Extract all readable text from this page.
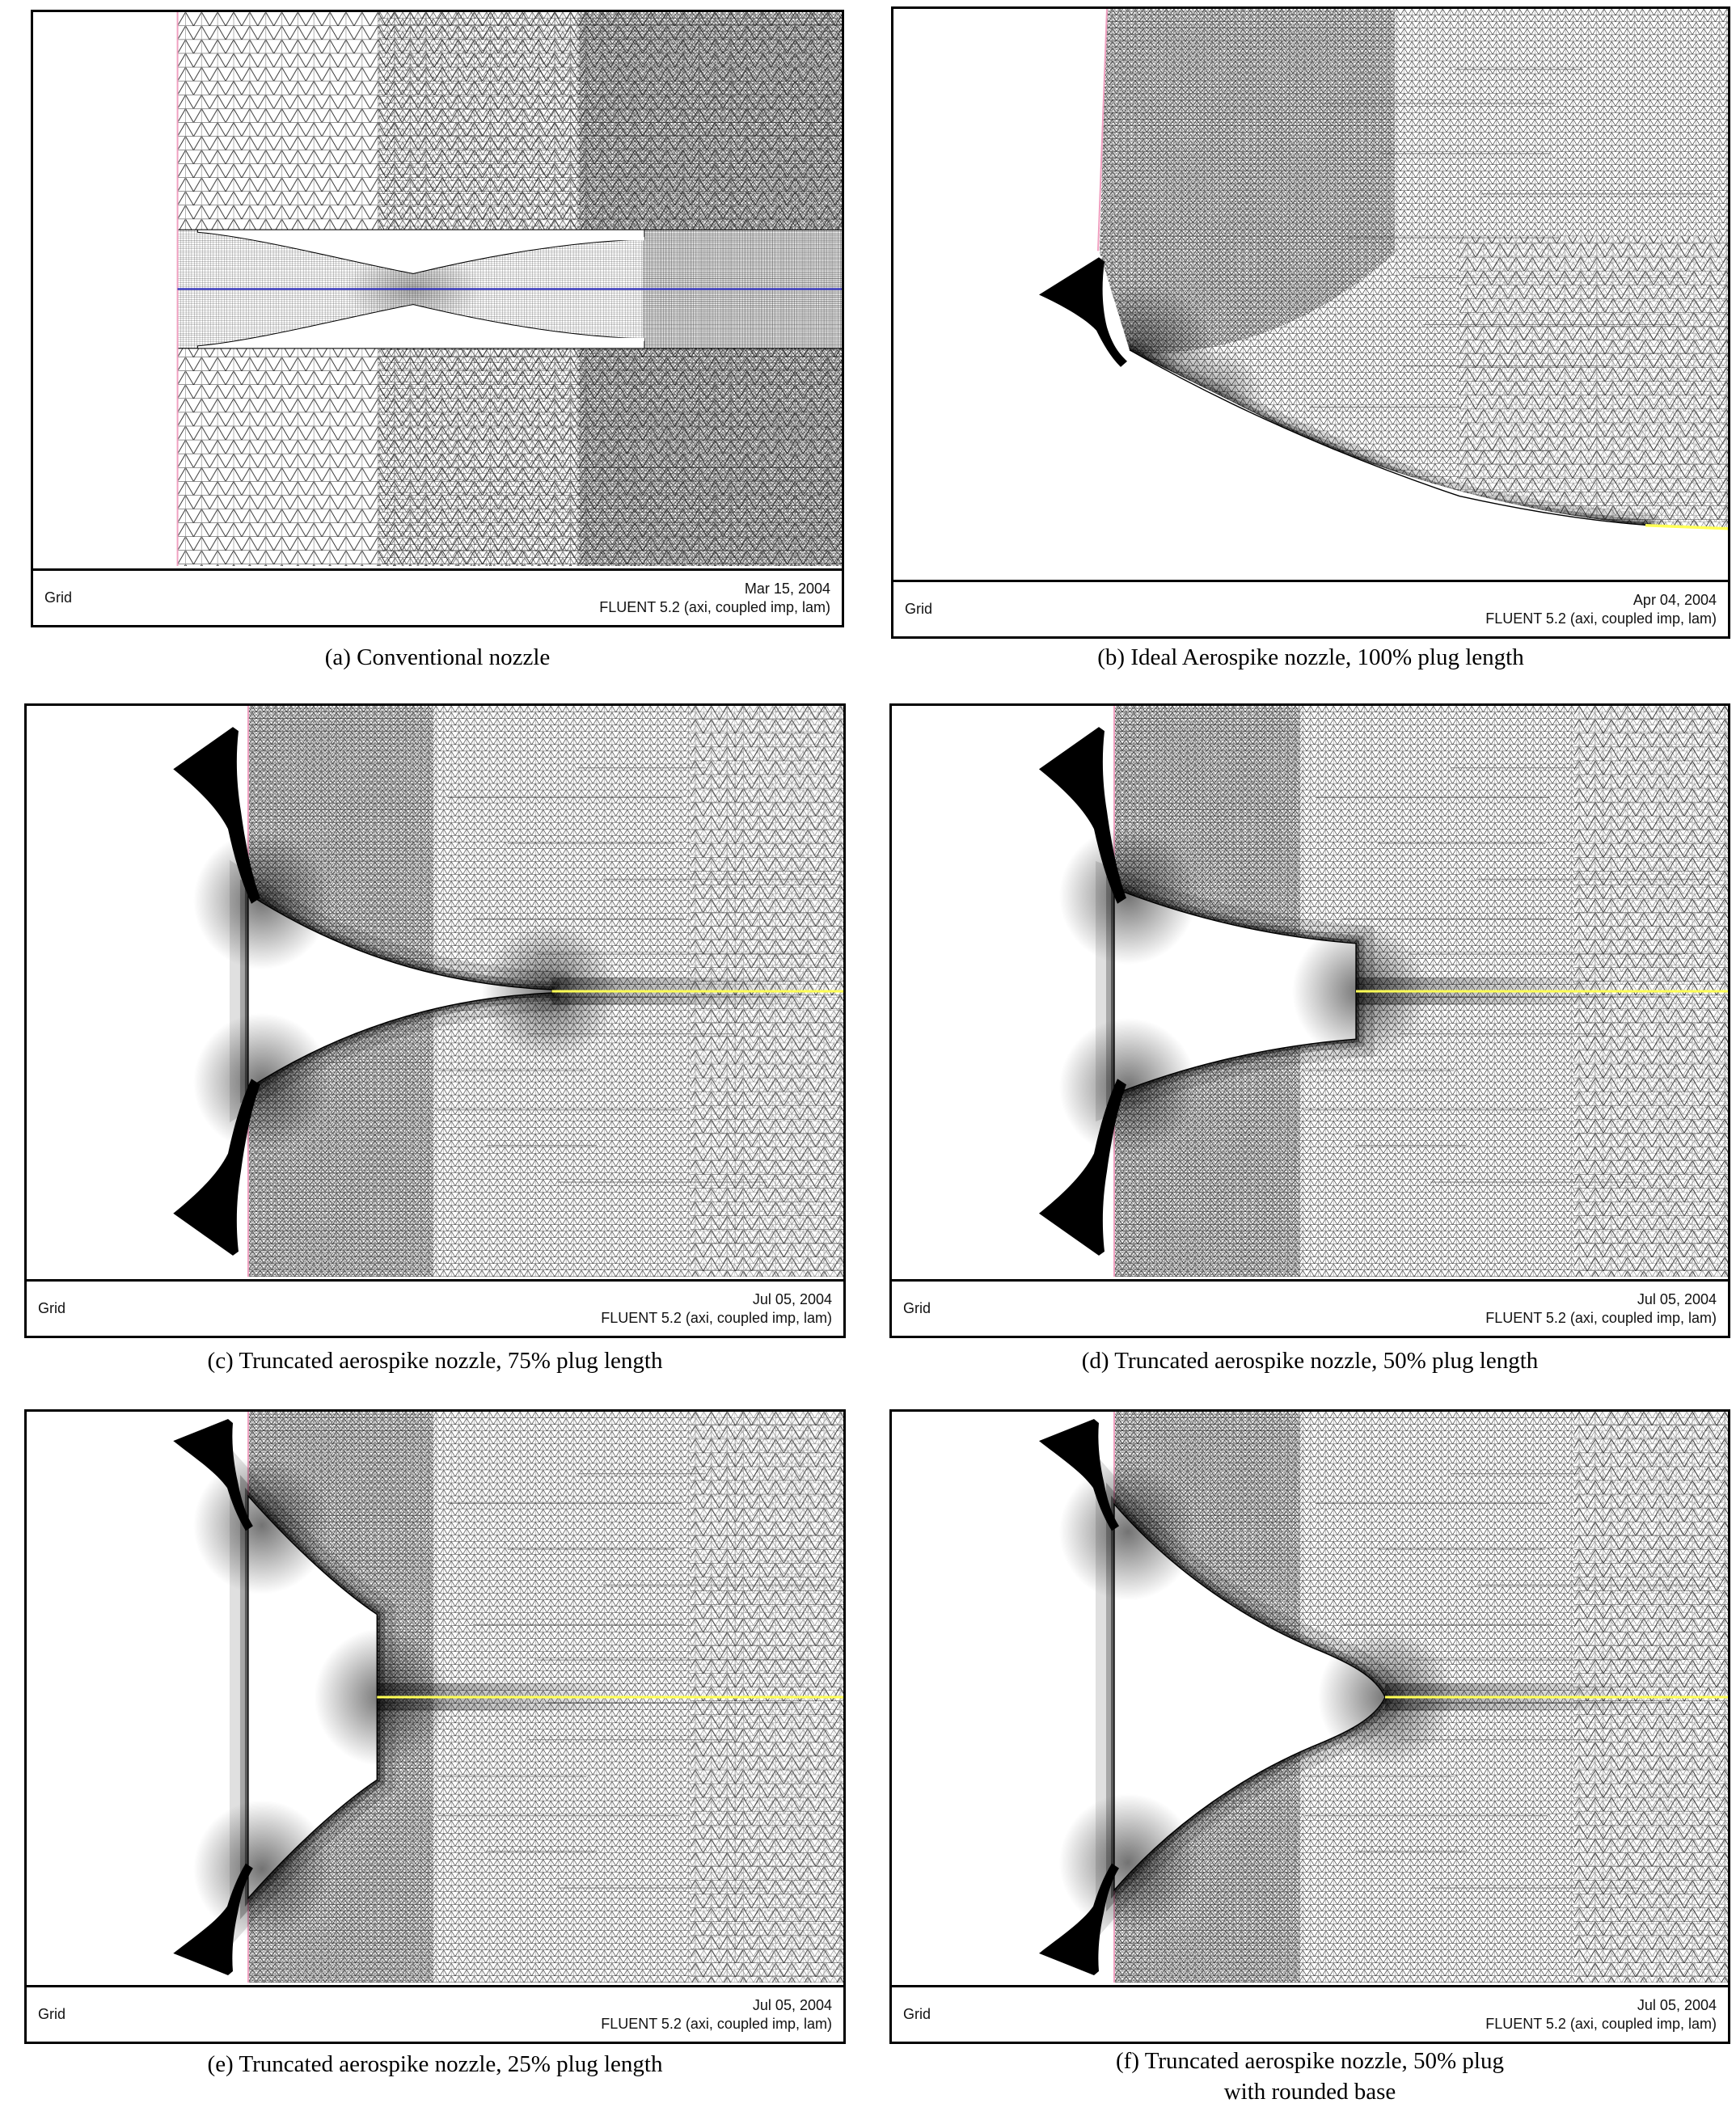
Grid
Mar 15, 2004
FLUENT 5.2 (axi, coupled imp, lam)	Grid
Apr 04, 2004
FLUENT 5.2 (axi, coupled imp, lam)
Grid
Jul 05, 2004
FLUENT 5.2 (axi, coupled imp, lam)
Grid
Jul 05, 2004
FLUENT 5.2 (axi, coupled imp, lam)
Grid
Jul 05, 2004
FLUENT 5.2 (axi, coupled imp, lam)
Grid
Jul 05, 2004
FLUENT 5.2 (axi, coupled imp, lam)
(a) Conventional nozzle	(b) Ideal Aerospike nozzle, 100% plug length
(c) Truncated aerospike nozzle, 75% plug length	(d) Truncated aerospike nozzle, 50% plug length
(e) Truncated aerospike nozzle, 25% plug length	(f) Truncated aerospike nozzle, 50% plug
with rounded base
